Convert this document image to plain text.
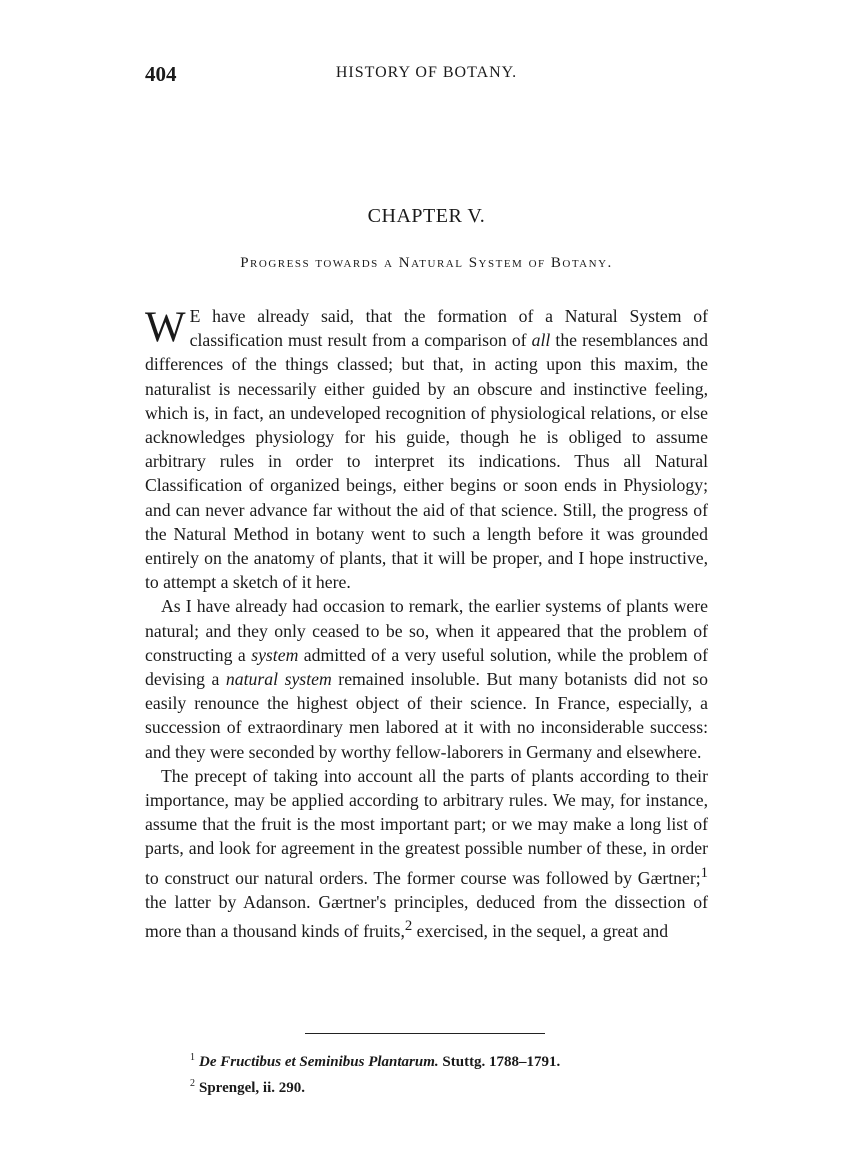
404	HISTORY OF BOTANY.
CHAPTER V.
Progress towards a Natural System of Botany.

W E have already said, that the formation of a Natural System of classification must result from a comparison of all the resemblances and differences of the things classed; but that, in acting upon this maxim, the naturalist is necessarily either guided by an obscure and instinctive feeling, which is, in fact, an undeveloped recognition of physiological relations, or else acknowledges physiology for his guide, though he is obliged to assume arbitrary rules in order to interpret its indications. Thus all Natural Classification of organized beings, either begins or soon ends in Physiology; and can never advance far without the aid of that science. Still, the progress of the Natural Method in botany went to such a length before it was grounded entirely on the anatomy of plants, that it will be proper, and I hope instructive, to attempt a sketch of it here.

As I have already had occasion to remark, the earlier systems of plants were natural; and they only ceased to be so, when it appeared that the problem of constructing a system admitted of a very useful solution, while the problem of devising a natural system remained insoluble. But many botanists did not so easily renounce the highest object of their science. In France, especially, a succession of extraordinary men labored at it with no inconsiderable success: and they were seconded by worthy fellow-laborers in Germany and elsewhere.

The precept of taking into account all the parts of plants according to their importance, may be applied according to arbitrary rules. We may, for instance, assume that the fruit is the most important part; or we may make a long list of parts, and look for agreement in the greatest possible number of these, in order to construct our natural orders. The former course was followed by Gærtner;$^1$ the latter by Adanson. Gærtner's principles, deduced from the dissection of more than a thousand kinds of fruits,$^2$ exercised, in the sequel, a great and

$^1$ De Fructibus et Seminibus Plantarum. Stuttg. 1788–1791.

$^2$ Sprengel, ii. 290.
